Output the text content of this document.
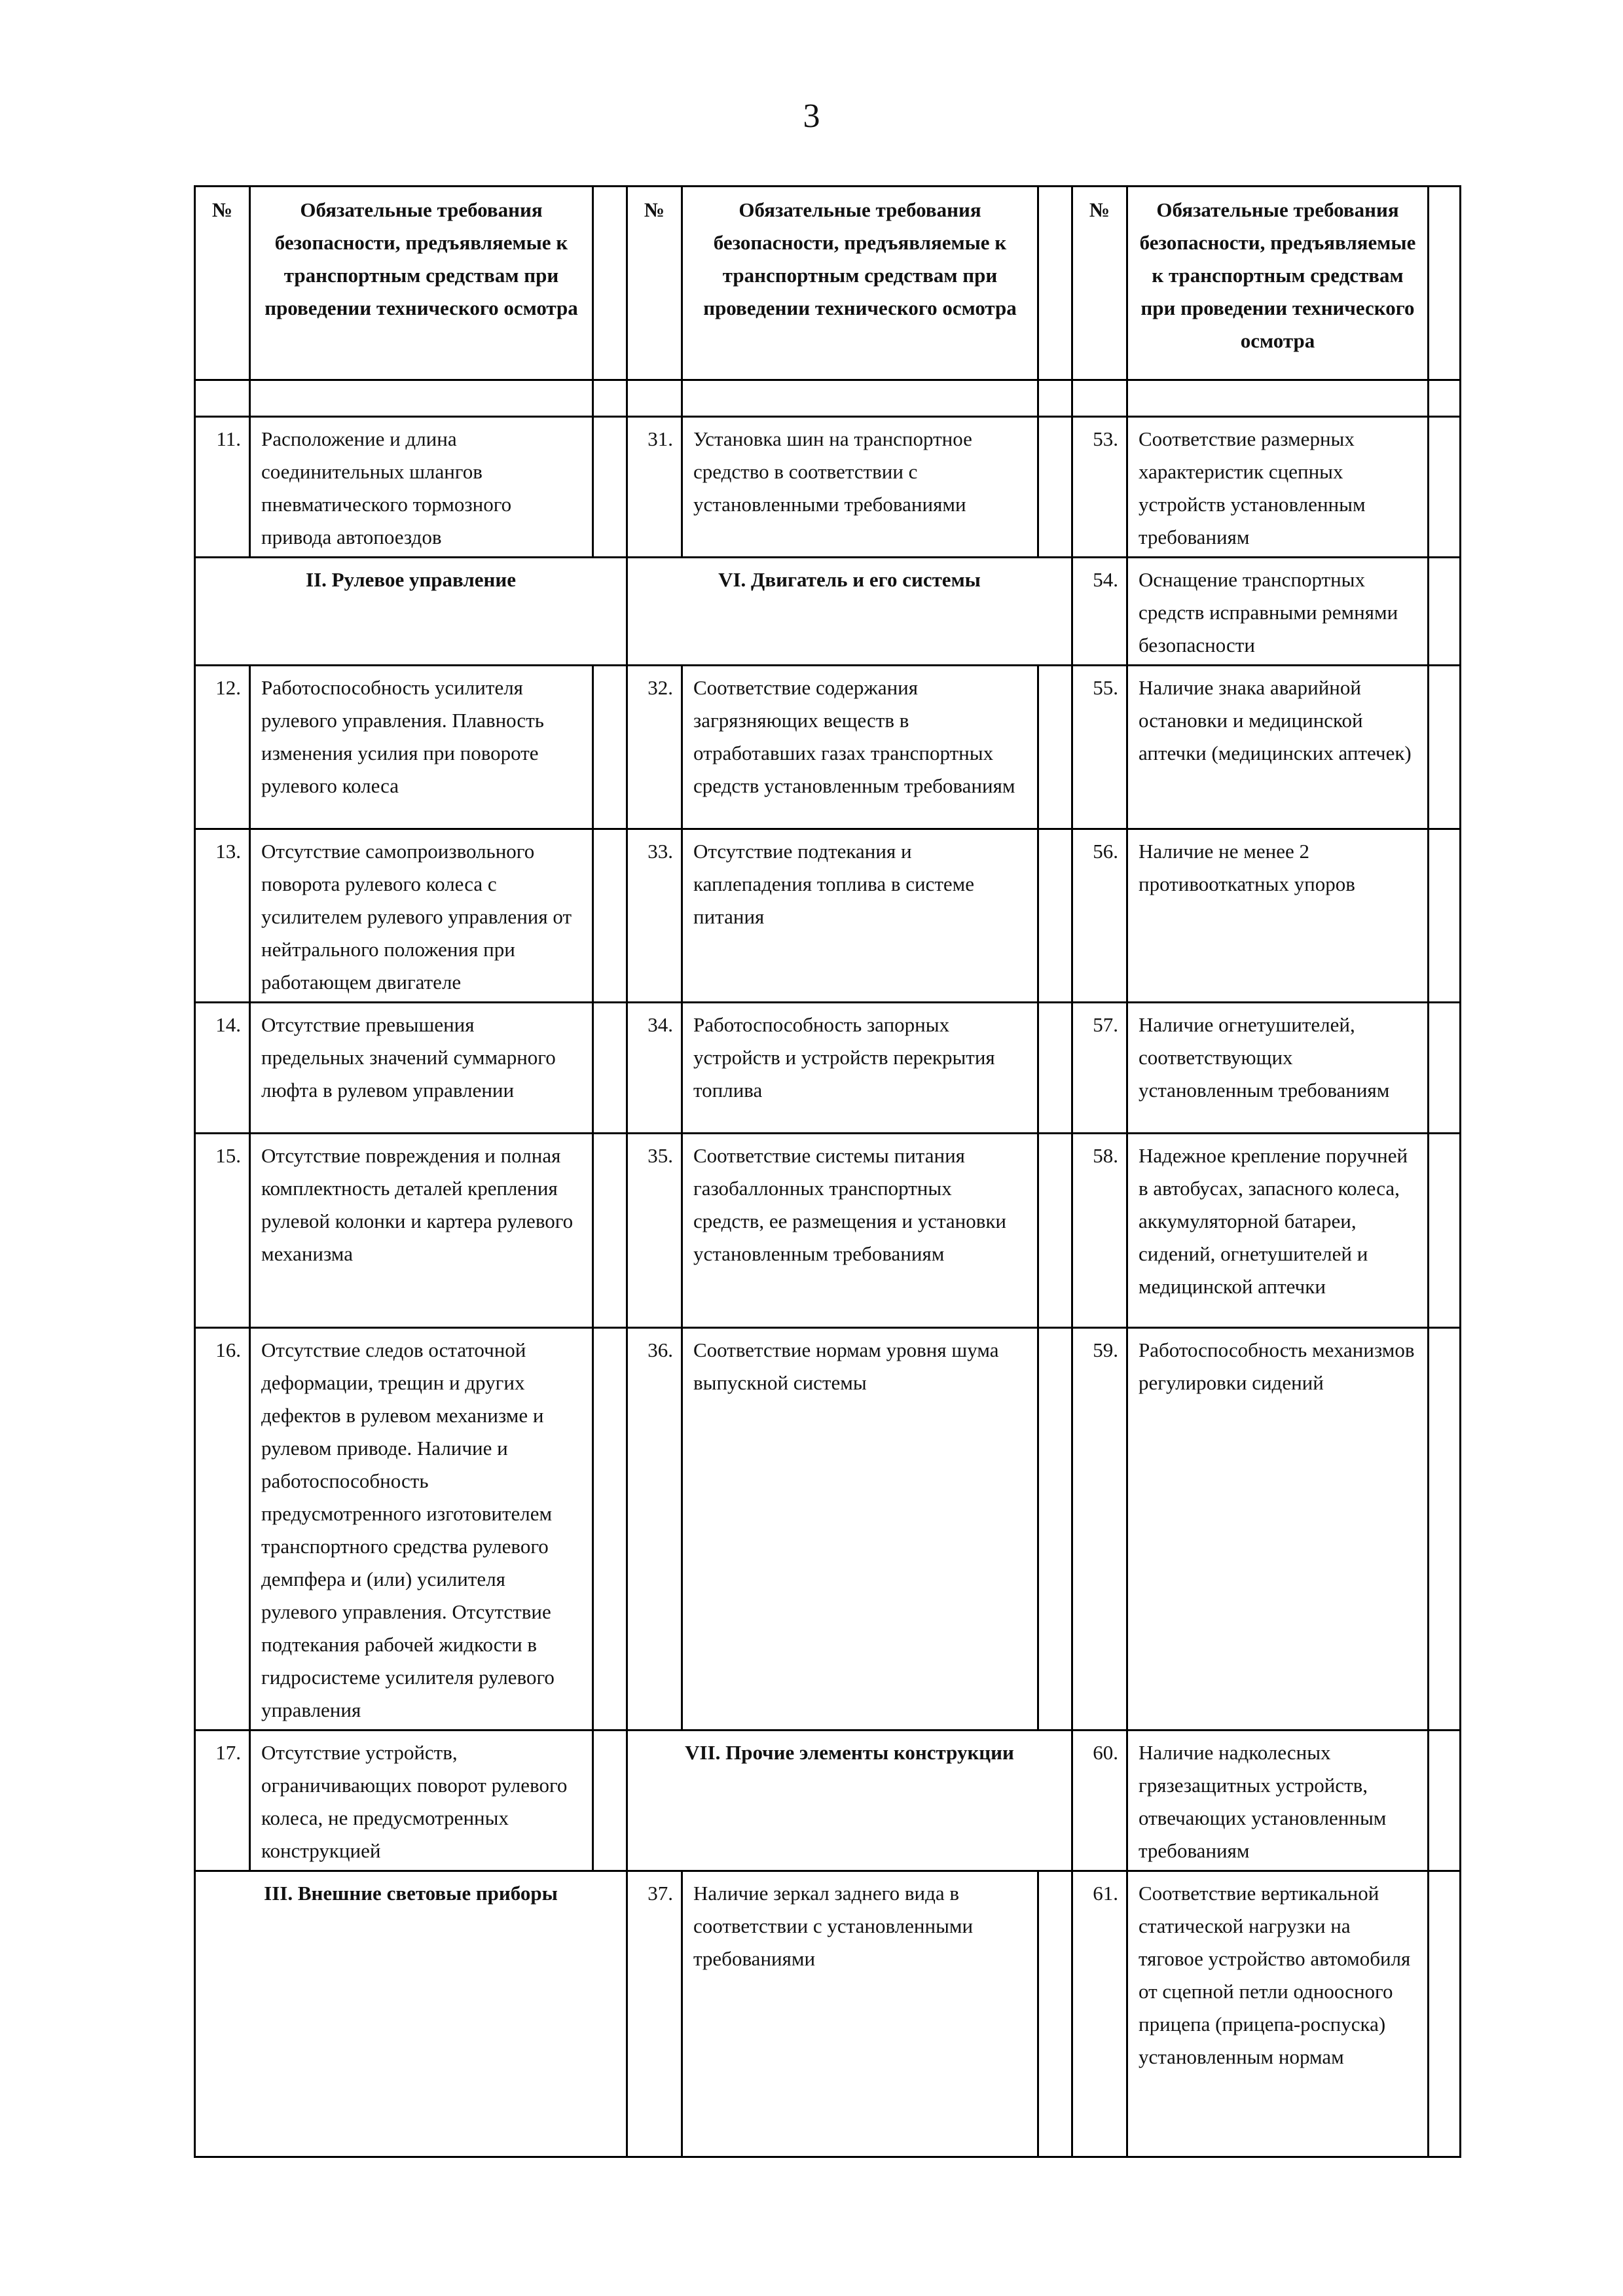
3
№	Обязательные требования безопасности, предъявляемые к транспортным средствам при проведении технического осмотра		№	Обязательные требования безопасности, предъявляемые к транспортным средствам при проведении технического осмотра		№	Обязательные требования безопасности, предъявляемые к транспортным средствам при проведении технического осмотра	

11.	Расположение и длина соединительных шлангов пневматического тормозного привода автопоездов		31.	Установка шин на транспортное средство в соответствии с установленными требованиями		53.	Соответствие размерных характеристик сцепных устройств установленным требованиям	
II. Рулевое управление			VI. Двигатель и его системы			54.	Оснащение транспортных средств исправными ремнями безопасности	
12.	Работоспособность усилителя рулевого управления. Плавность изменения усилия при повороте рулевого колеса		32.	Соответствие содержания загрязняющих веществ в отработавших газах транспортных средств установленным требованиям		55.	Наличие знака аварийной остановки и медицинской аптечки (медицинских аптечек)	
13.	Отсутствие самопроизвольного поворота рулевого колеса с усилителем рулевого управления от нейтрального положения при работающем двигателе		33.	Отсутствие подтекания и каплепадения топлива в системе питания		56.	Наличие не менее 2 противооткатных упоров	
14.	Отсутствие превышения предельных значений суммарного люфта в рулевом управлении		34.	Работоспособность запорных устройств и устройств перекрытия топлива		57.	Наличие огнетушителей, соответствующих установленным требованиям	
15.	Отсутствие повреждения и полная комплектность деталей крепления рулевой колонки и картера рулевого механизма		35.	Соответствие системы питания газобаллонных транспортных средств, ее размещения и установки установленным требованиям		58.	Надежное крепление поручней в автобусах, запасного колеса, аккумуляторной батареи, сидений, огнетушителей и медицинской аптечки	
16.	Отсутствие следов остаточной деформации, трещин и других дефектов в рулевом механизме и рулевом приводе. Наличие и работоспособность предусмотренного изготовителем транспортного средства рулевого демпфера и (или) усилителя рулевого управления. Отсутствие подтекания рабочей жидкости в гидросистеме усилителя рулевого управления		36.	Соответствие нормам уровня шума выпускной системы		59.	Работоспособность механизмов регулировки сидений	
17.	Отсутствие устройств, ограничивающих поворот рулевого колеса, не предусмотренных конструкцией		VII. Прочие элементы конструкции			60.	Наличие надколесных грязезащитных устройств, отвечающих установленным требованиям	
III. Внешние световые приборы			37.	Наличие зеркал заднего вида в соответствии с установленными требованиями		61.	Соответствие вертикальной статической нагрузки на тяговое устройство автомобиля от сцепной петли одноосного прицепа (прицепа-роспуска) установленным нормам	
